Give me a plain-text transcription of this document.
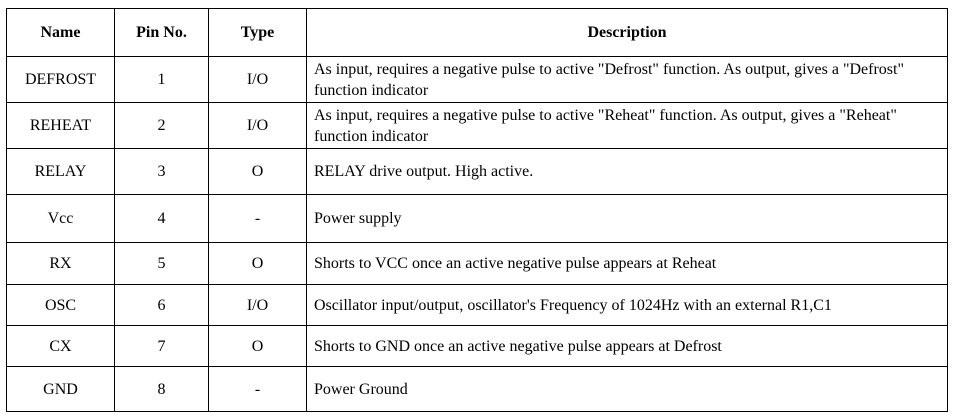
Name	Pin No.	Type	Description
DEFROST	1	I/O	As input, requires a negative pulse to active "Defrost" function. As output, gives a "Defrost" function indicator
REHEAT	2	I/O	As input, requires a negative pulse to active "Reheat" function. As output, gives a "Reheat" function indicator
RELAY	3	O	RELAY drive output. High active.
Vcc	4	-	Power supply
RX	5	O	Shorts to VCC once an active negative pulse appears at Reheat
OSC	6	I/O	Oscillator input/output, oscillator's Frequency of 1024Hz with an external R1,C1
CX	7	O	Shorts to GND once an active negative pulse appears at Defrost
GND	8	-	Power Ground
